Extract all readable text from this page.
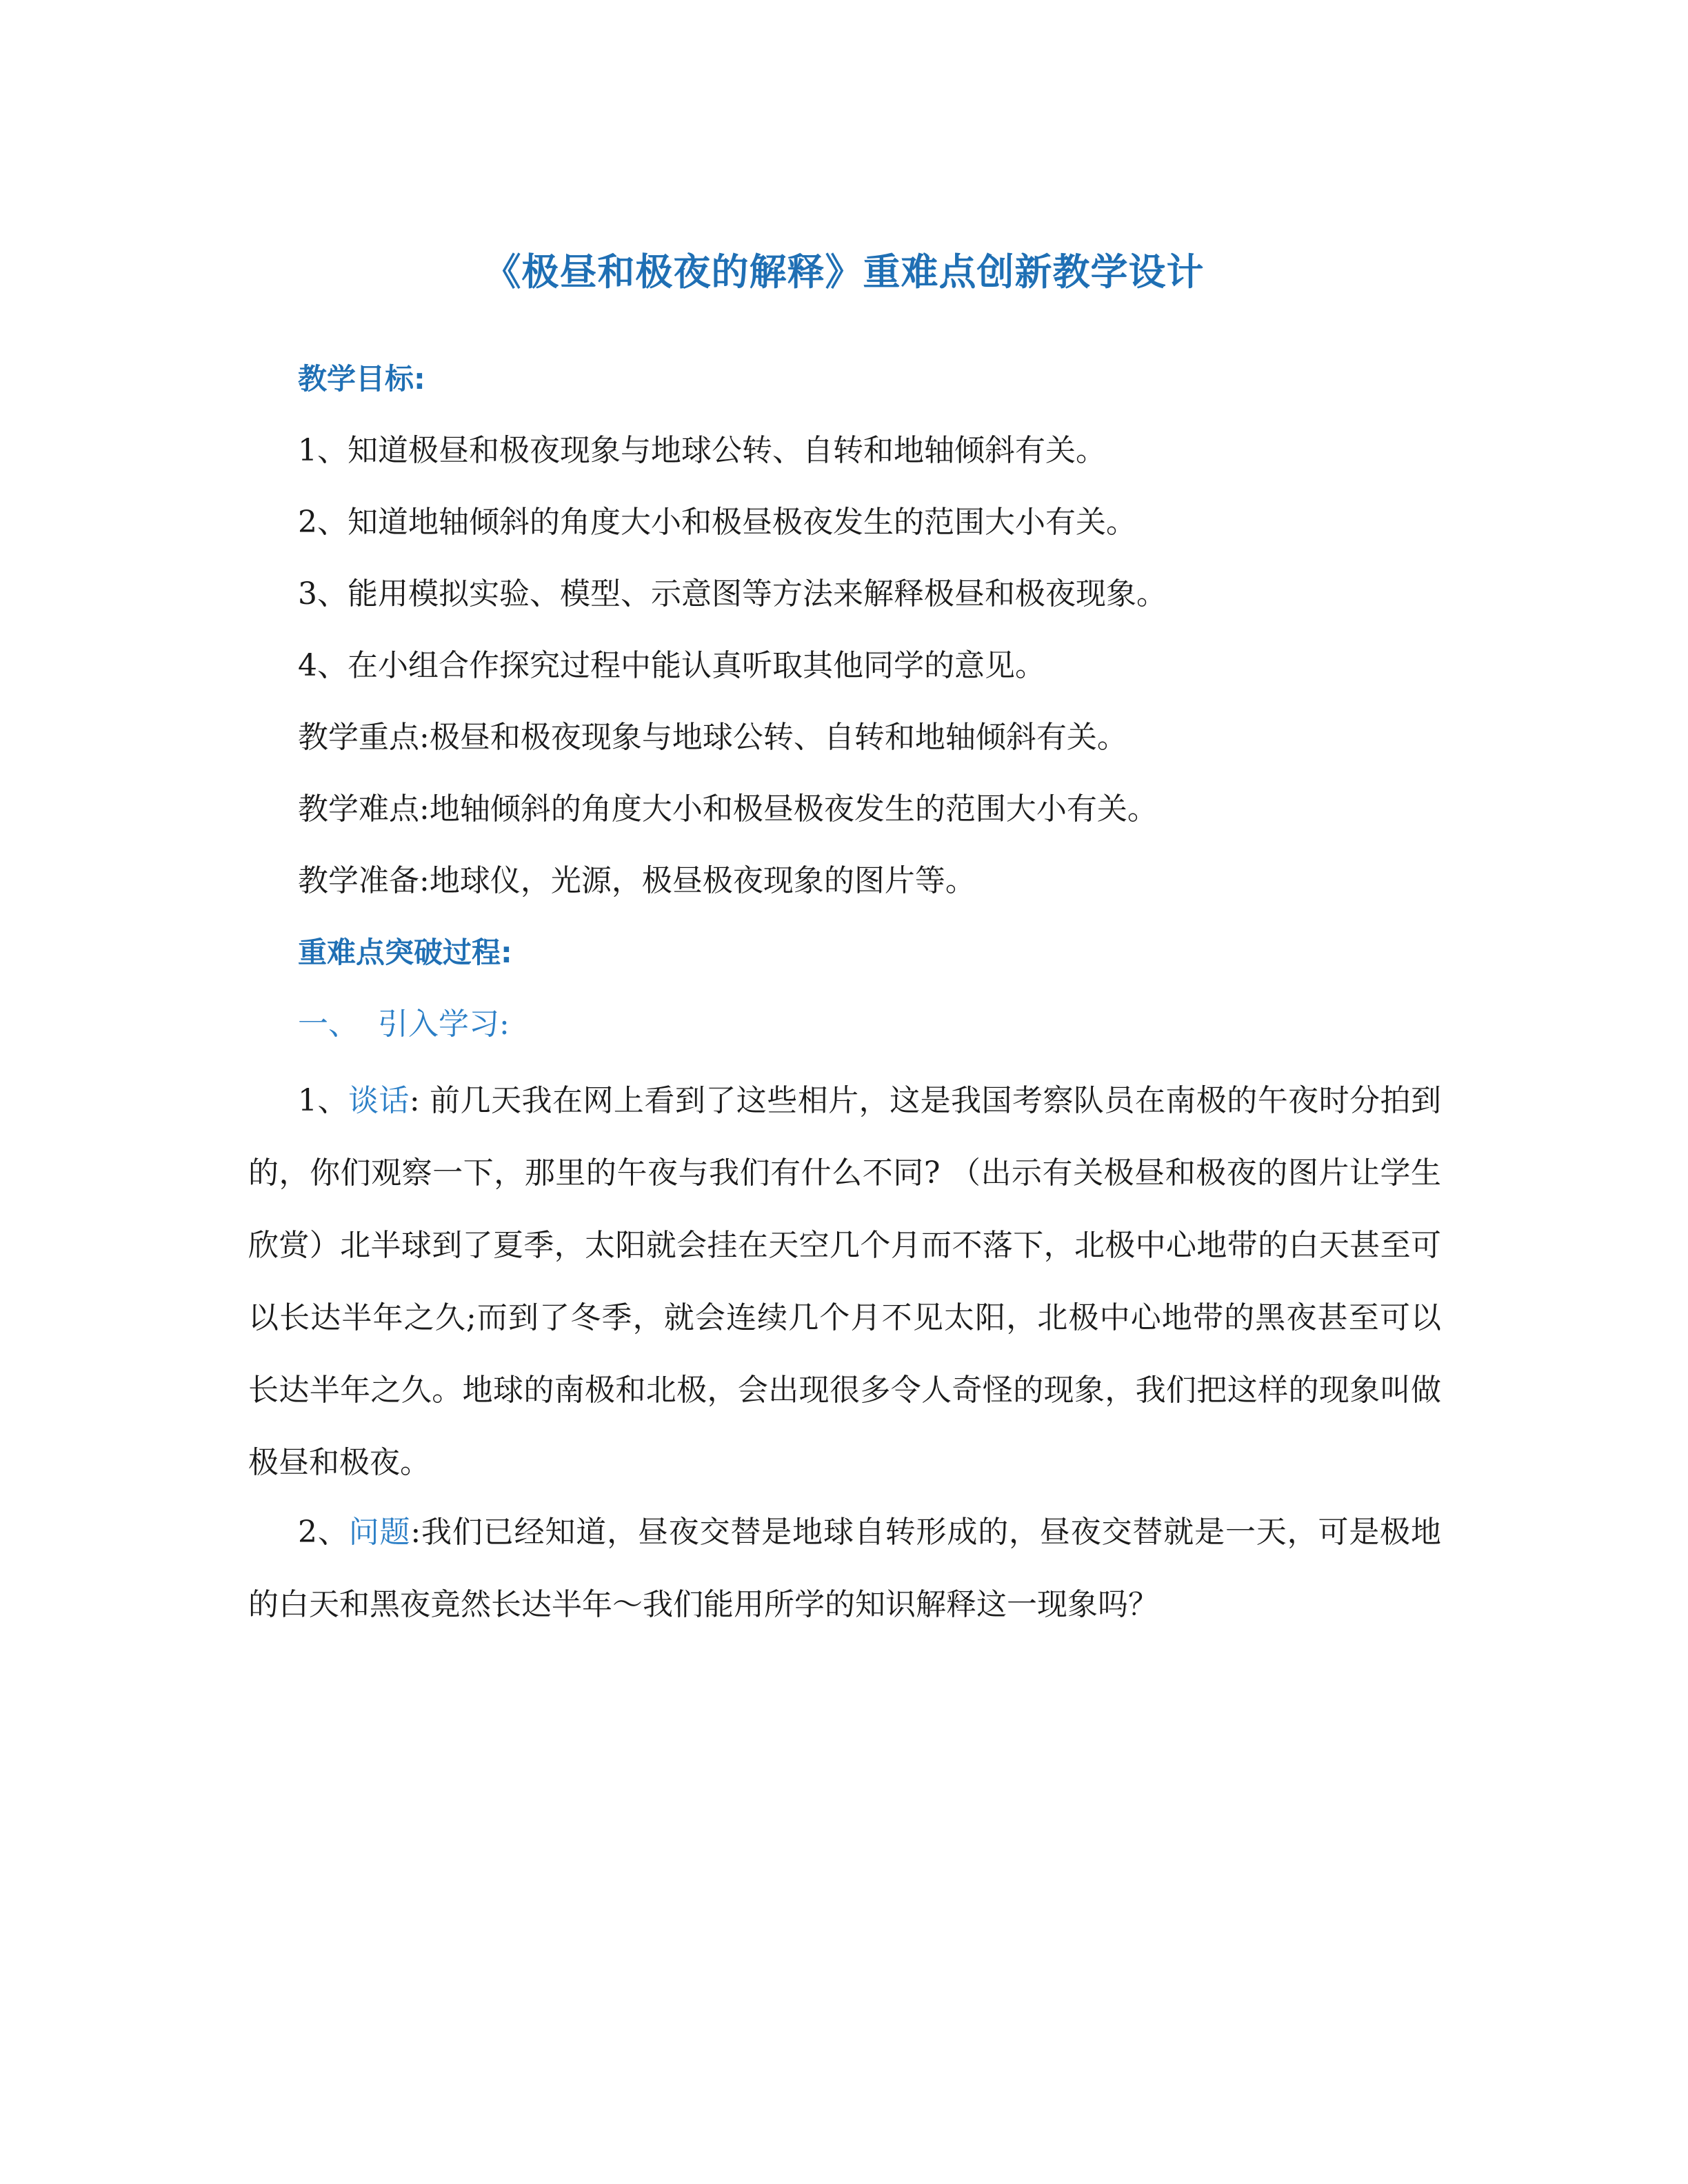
《极昼和极夜的解释》重难点创新教学设计
教学目标:
1、知道极昼和极夜现象与地球公转、自转和地轴倾斜有关。
2、知道地轴倾斜的角度大小和极昼极夜发生的范围大小有关。
3、能用模拟实验、模型、示意图等方法来解释极昼和极夜现象。
4、在小组合作探究过程中能认真听取其他同学的意见。
教学重点:极昼和极夜现象与地球公转、自转和地轴倾斜有关。
教学难点:地轴倾斜的角度大小和极昼极夜发生的范围大小有关。
教学准备:地球仪，光源，极昼极夜现象的图片等。
重难点突破过程:
一、  引入学习:

1、谈话: 前几天我在网上看到了这些相片，这是我国考察队员在南极的午夜时分拍到的，你们观察一下，那里的午夜与我们有什么不同? （出示有关极昼和极夜的图片让学生欣赏）北半球到了夏季，太阳就会挂在天空几个月而不落下，北极中心地带的白天甚至可以长达半年之久;而到了冬季，就会连续几个月不见太阳，北极中心地带的黑夜甚至可以长达半年之久。地球的南极和北极，会出现很多令人奇怪的现象，我们把这样的现象叫做极昼和极夜。

2、问题:我们已经知道，昼夜交替是地球自转形成的，昼夜交替就是一天，可是极地的白天和黑夜竟然长达半年～我们能用所学的知识解释这一现象吗？
